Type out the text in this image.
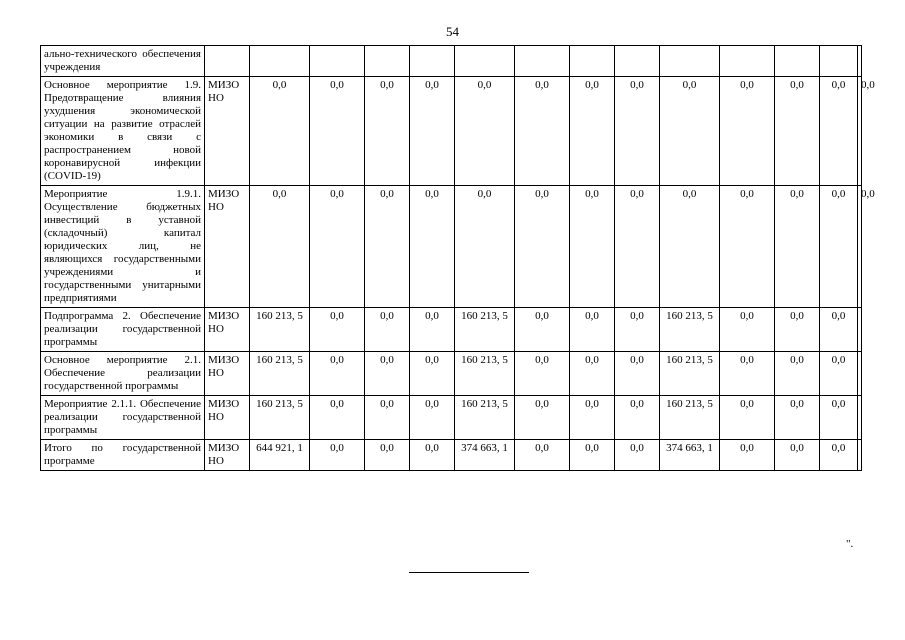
54
ально-технического обеспечения учреждения														
Основное мероприятие 1.9. Предотвращение влияния ухудшения экономической ситуации на развитие отраслей экономики в связи с распространением новой коронавирусной инфекции (COVID-19)	МИЗО НО	0,0	0,0	0,0	0,0	0,0	0,0	0,0	0,0	0,0	0,0	0,0	0,0	0,0
Мероприятие 1.9.1. Осуществление бюджетных инвестиций в уставной (складочный) капитал юридических лиц, не являющихся государственными учреждениями и государственными унитарными предприятиями	МИЗО НО	0,0	0,0	0,0	0,0	0,0	0,0	0,0	0,0	0,0	0,0	0,0	0,0	0,0
Подпрограмма 2. Обеспечение реализации государственной программы	МИЗО НО	160 213, 5	0,0	0,0	0,0	160 213, 5	0,0	0,0	0,0	160 213, 5	0,0	0,0	0,0	
Основное мероприятие 2.1. Обеспечение реализации государственной программы	МИЗО НО	160 213, 5	0,0	0,0	0,0	160 213, 5	0,0	0,0	0,0	160 213, 5	0,0	0,0	0,0	
Мероприятие 2.1.1. Обеспечение реализации государственной программы	МИЗО НО	160 213, 5	0,0	0,0	0,0	160 213, 5	0,0	0,0	0,0	160 213, 5	0,0	0,0	0,0	
Итого по государственной программе	МИЗО НО	644 921, 1	0,0	0,0	0,0	374 663, 1	0,0	0,0	0,0	374 663, 1	0,0	0,0	0,0	
".
